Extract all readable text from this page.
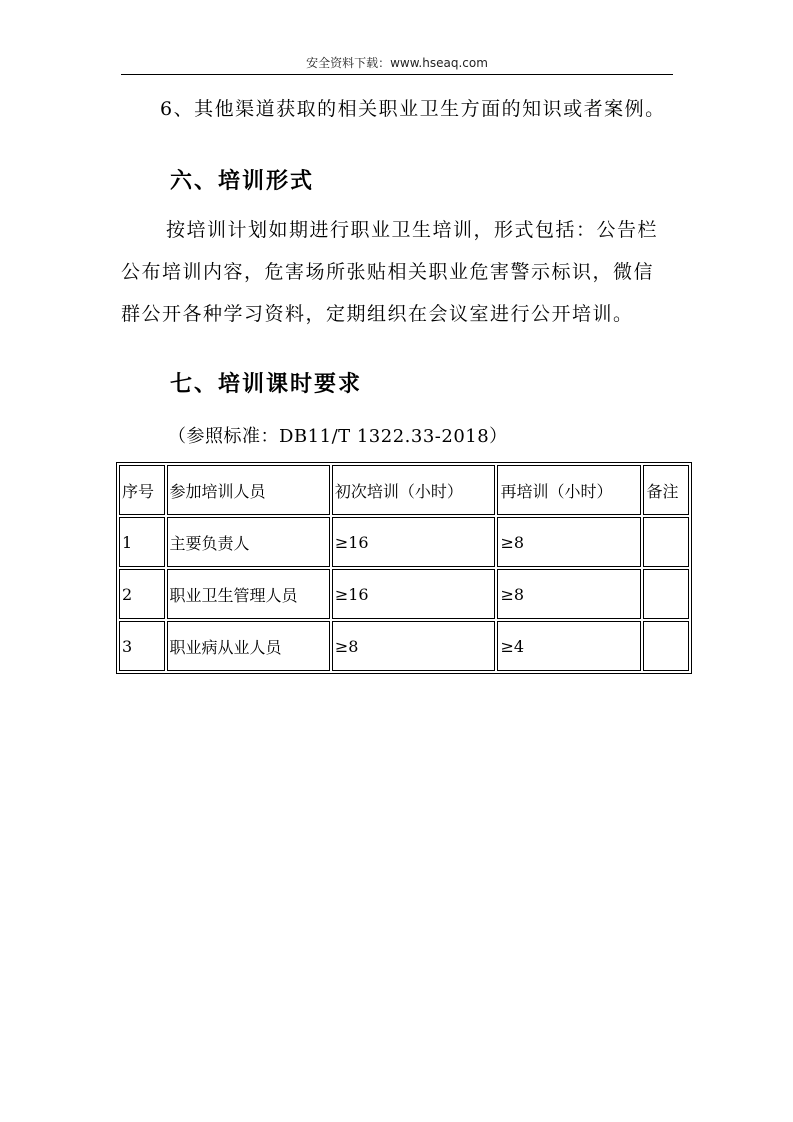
安全资料下载：www.hseaq.com
6、其他渠道获取的相关职业卫生方面的知识或者案例。
六、培训形式
按培训计划如期进行职业卫生培训，形式包括：公告栏
公布培训内容，危害场所张贴相关职业危害警示标识，微信
群公开各种学习资料，定期组织在会议室进行公开培训。
七、培训课时要求
（参照标准：DB11/T 1322.33-2018）
序号	参加培训人员	初次培训（小时）	再培训（小时）	备注
1	主要负责人	≥16	≥8	
2	职业卫生管理人员	≥16	≥8	
3	职业病从业人员	≥8	≥4	
